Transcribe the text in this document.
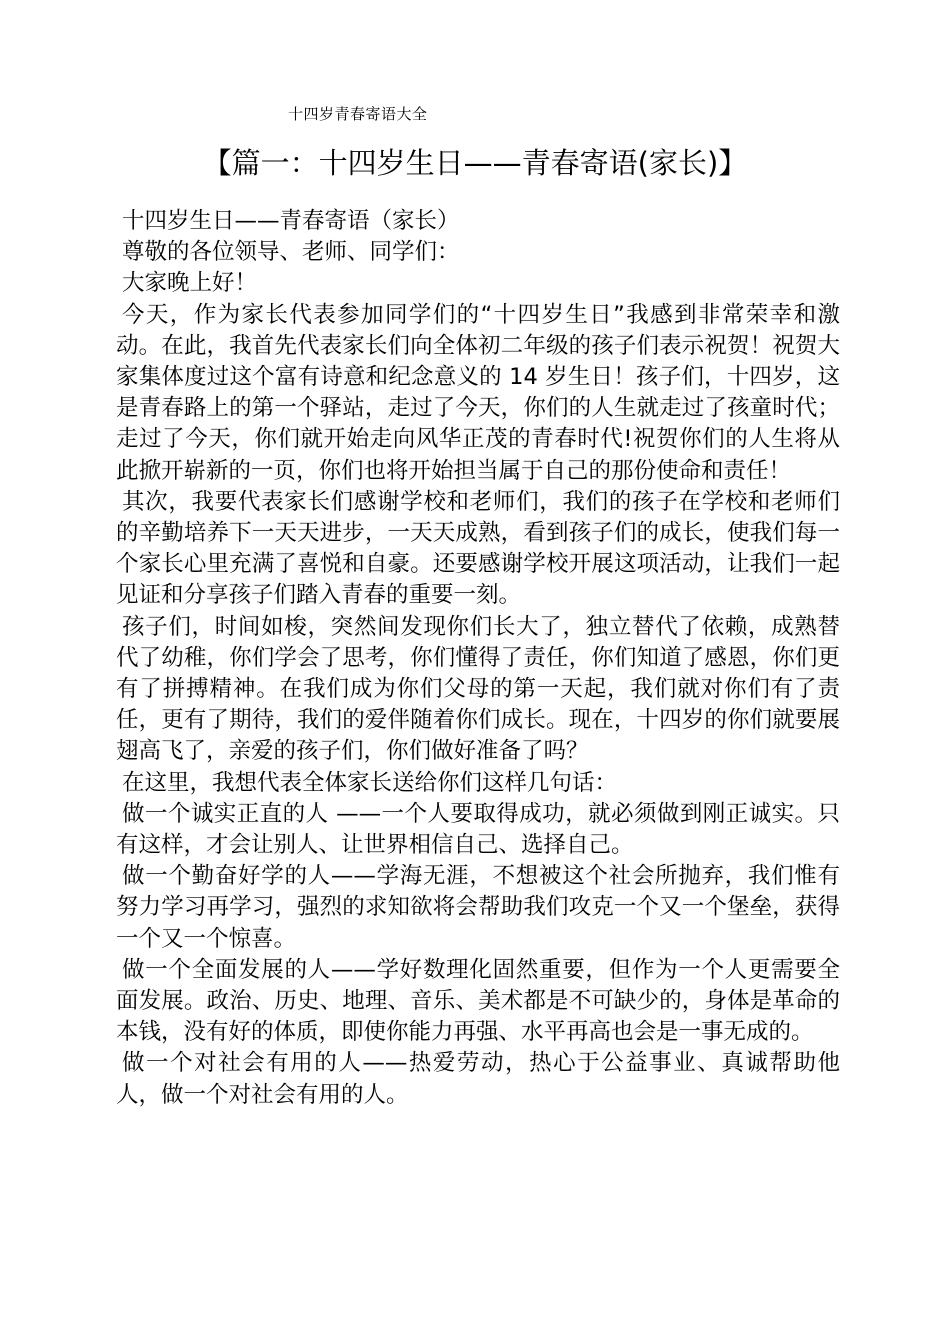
十四岁青春寄语大全
【篇一：十四岁生日——青春寄语(家长)】

十四岁生日——青春寄语（家长）

尊敬的各位领导、老师、同学们：

大家晚上好！

今天，作为家长代表参加同学们的“十四岁生日”我感到非常荣幸和激动。在此，我首先代表家长们向全体初二年级的孩子们表示祝贺！祝贺大家集体度过这个富有诗意和纪念意义的 14 岁生日！孩子们，十四岁，这是青春路上的第一个驿站，走过了今天，你们的人生就走过了孩童时代；走过了今天，你们就开始走向风华正茂的青春时代!祝贺你们的人生将从此掀开崭新的一页，你们也将开始担当属于自己的那份使命和责任！

其次，我要代表家长们感谢学校和老师们，我们的孩子在学校和老师们的辛勤培养下一天天进步，一天天成熟，看到孩子们的成长，使我们每一个家长心里充满了喜悦和自豪。还要感谢学校开展这项活动，让我们一起见证和分享孩子们踏入青春的重要一刻。

孩子们，时间如梭，突然间发现你们长大了，独立替代了依赖，成熟替代了幼稚，你们学会了思考，你们懂得了责任，你们知道了感恩，你们更有了拼搏精神。在我们成为你们父母的第一天起，我们就对你们有了责任，更有了期待，我们的爱伴随着你们成长。现在，十四岁的你们就要展翅高飞了，亲爱的孩子们，你们做好准备了吗？

在这里，我想代表全体家长送给你们这样几句话：

做一个诚实正直的人 ——一个人要取得成功，就必须做到刚正诚实。只有这样，才会让别人、让世界相信自己、选择自己。

做一个勤奋好学的人——学海无涯，不想被这个社会所抛弃，我们惟有努力学习再学习，强烈的求知欲将会帮助我们攻克一个又一个堡垒，获得一个又一个惊喜。

做一个全面发展的人——学好数理化固然重要，但作为一个人更需要全面发展。政治、历史、地理、音乐、美术都是不可缺少的，身体是革命的本钱，没有好的体质，即使你能力再强、水平再高也会是一事无成的。

做一个对社会有用的人——热爱劳动，热心于公益事业、真诚帮助他人，做一个对社会有用的人。
